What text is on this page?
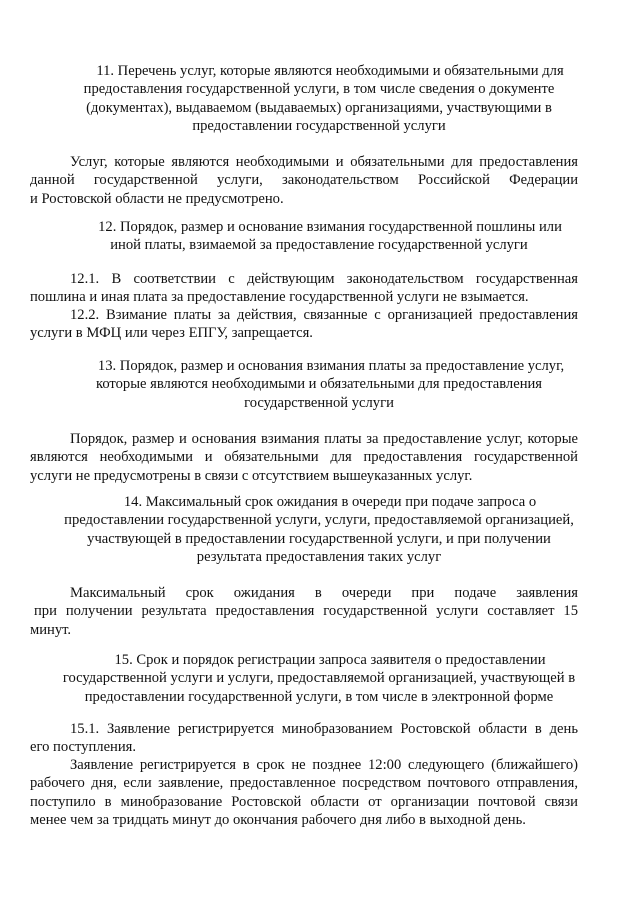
11. Перечень услуг, которые являются необходимыми и обязательными для
предоставления государственной услуги, в том числе сведения о документе
(документах), выдаваемом (выдаваемых) организациями, участвующими в
предоставлении государственной услуги
Услуг, которые являются необходимыми и обязательными для предоставления
данной государственной услуги, законодательством Российской Федерации
и Ростовской области не предусмотрено.
12. Порядок, размер и основание взимания государственной пошлины или
иной платы, взимаемой за предоставление государственной услуги
12.1. В соответствии с действующим законодательством государственная
пошлина и иная плата за предоставление государственной услуги не взымается.
12.2. Взимание платы за действия, связанные с организацией предоставления
услуги в МФЦ или через ЕПГУ, запрещается.
13. Порядок, размер и основания взимания платы за предоставление услуг,
которые являются необходимыми и обязательными для предоставления
государственной услуги
Порядок, размер и основания взимания платы за предоставление услуг, которые
являются необходимыми и обязательными для предоставления государственной
услуги не предусмотрены в связи с отсутствием вышеуказанных услуг.
14. Максимальный срок ожидания в очереди при подаче запроса о
предоставлении государственной услуги, услуги, предоставляемой организацией,
участвующей в предоставлении государственной услуги, и при получении
результата предоставления таких услуг
Максимальный срок ожидания в очереди при подаче заявления
при получении результата предоставления государственной услуги составляет 15
минут.
15. Срок и порядок регистрации запроса заявителя о предоставлении
государственной услуги и услуги, предоставляемой организацией, участвующей в
предоставлении государственной услуги, в том числе в электронной форме
15.1. Заявление регистрируется минобразованием Ростовской области в день
его поступления.
Заявление регистрируется в срок не позднее 12:00 следующего (ближайшего)
рабочего дня, если заявление, предоставленное посредством почтового отправления,
поступило в минобразование Ростовской области от организации почтовой связи
менее чем за тридцать минут до окончания рабочего дня либо в выходной день.
